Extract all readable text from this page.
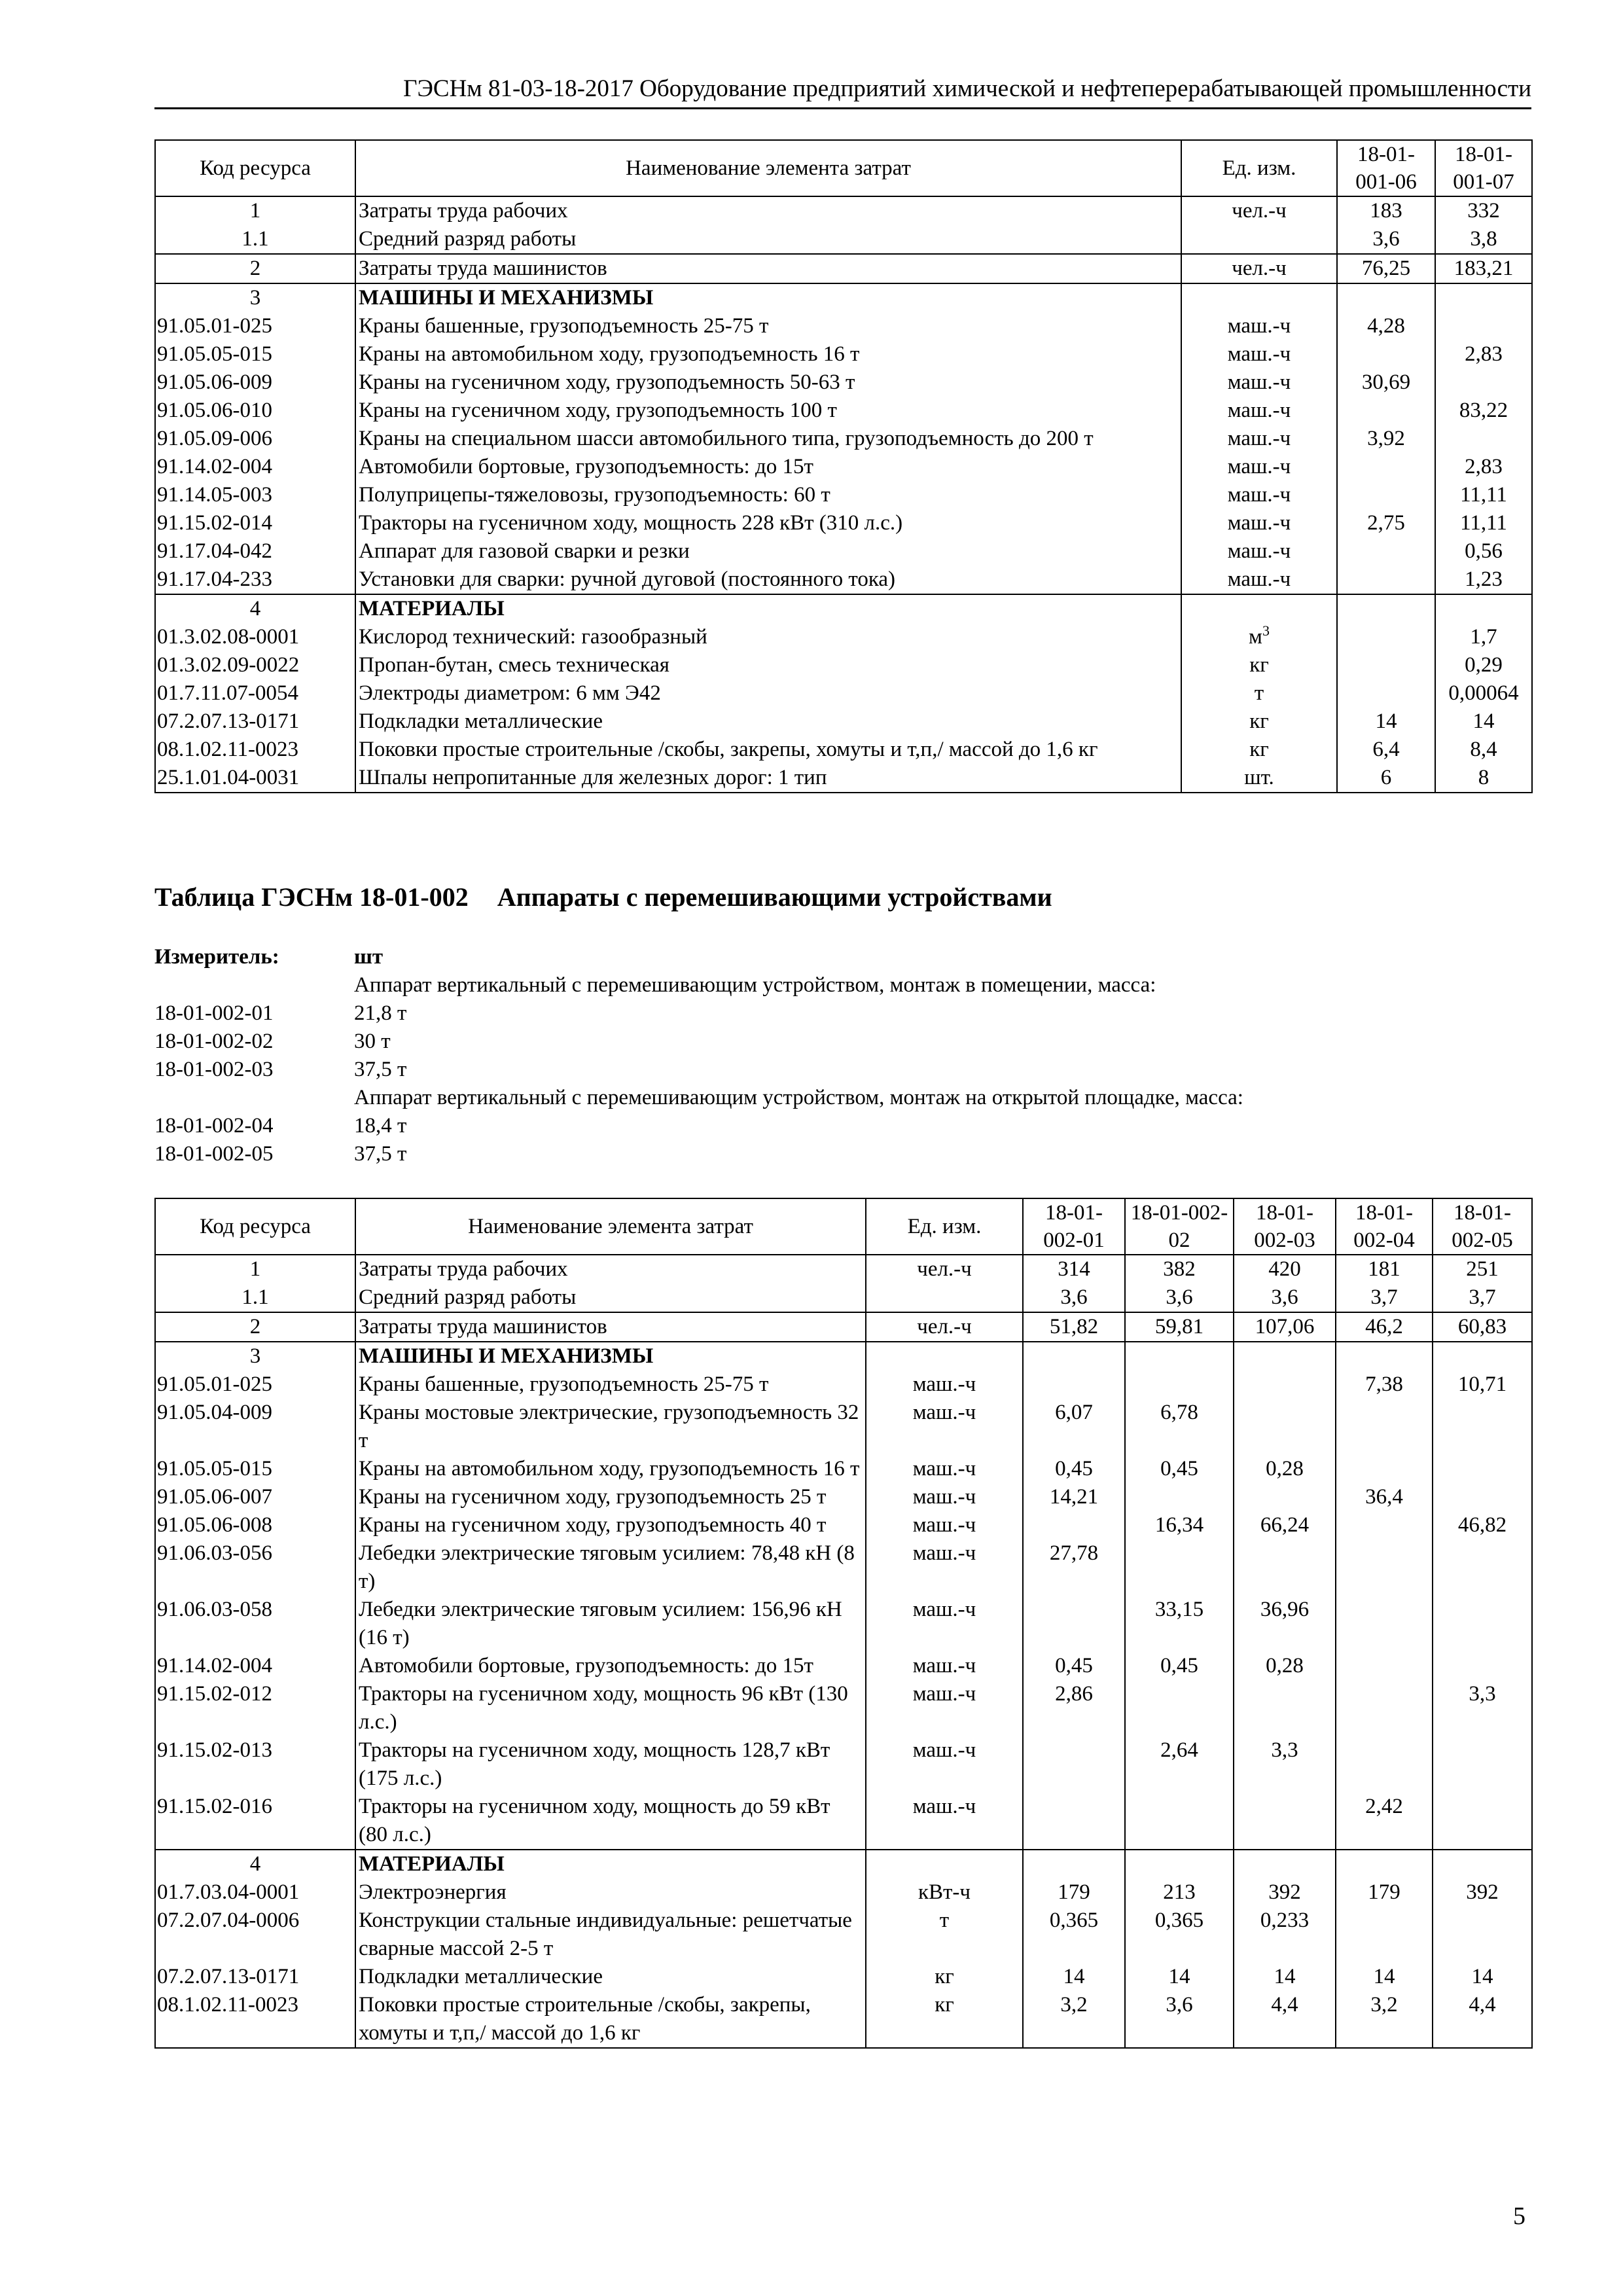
ГЭСНм 81-03-18-2017 Оборудование предприятий химической и нефтеперерабатывающей промышленности
Код ресурса	Наименование элемента затрат	Ед. изм.	18-01-001-06	18-01-001-07
1	Затраты труда рабочих	чел.-ч	183	332
1.1	Средний разряд работы		3,6	3,8
2	Затраты труда машинистов	чел.-ч	76,25	183,21
3	МАШИНЫ И МЕХАНИЗМЫ			
91.05.01-025	Краны башенные, грузоподъемность 25-75 т	маш.-ч	4,28	
91.05.05-015	Краны на автомобильном ходу, грузоподъемность 16 т	маш.-ч		2,83
91.05.06-009	Краны на гусеничном ходу, грузоподъемность 50-63 т	маш.-ч	30,69	
91.05.06-010	Краны на гусеничном ходу, грузоподъемность 100 т	маш.-ч		83,22
91.05.09-006	Краны на специальном шасси автомобильного типа, грузоподъемность до 200 т	маш.-ч	3,92	
91.14.02-004	Автомобили бортовые, грузоподъемность: до 15т	маш.-ч		2,83
91.14.05-003	Полуприцепы-тяжеловозы, грузоподъемность: 60 т	маш.-ч		11,11
91.15.02-014	Тракторы на гусеничном ходу, мощность 228 кВт (310 л.с.)	маш.-ч	2,75	11,11
91.17.04-042	Аппарат для газовой сварки и резки	маш.-ч		0,56
91.17.04-233	Установки для сварки: ручной дуговой (постоянного тока)	маш.-ч		1,23
4	МАТЕРИАЛЫ			
01.3.02.08-0001	Кислород технический: газообразный	$м^3$		1,7
01.3.02.09-0022	Пропан-бутан, смесь техническая	кг		0,29
01.7.11.07-0054	Электроды диаметром: 6 мм Э42	т		0,00064
07.2.07.13-0171	Подкладки металлические	кг	14	14
08.1.02.11-0023	Поковки простые строительные /скобы, закрепы, хомуты и т,п,/ массой до 1,6 кг	кг	6,4	8,4
25.1.01.04-0031	Шпалы непропитанные для железных дорог: 1 тип	шт.	6	8
Таблица ГЭСНм 18-01-002 Аппараты с перемешивающими устройствами
Измеритель:	шт
Аппарат вертикальный с перемешивающим устройством, монтаж в помещении, масса:
18-01-002-01	21,8 т
18-01-002-02	30 т
18-01-002-03	37,5 т
Аппарат вертикальный с перемешивающим устройством, монтаж на открытой площадке, масса:
18-01-002-04	18,4 т
18-01-002-05	37,5 т
Код ресурса	Наименование элемента затрат	Ед. изм.	18-01-002-01	18-01-002-02	18-01-002-03	18-01-002-04	18-01-002-05
1	Затраты труда рабочих	чел.-ч	314	382	420	181	251
1.1	Средний разряд работы		3,6	3,6	3,6	3,7	3,7
2	Затраты труда машинистов	чел.-ч	51,82	59,81	107,06	46,2	60,83
3	МАШИНЫ И МЕХАНИЗМЫ						
91.05.01-025	Краны башенные, грузоподъемность 25-75 т	маш.-ч				7,38	10,71
91.05.04-009	Краны мостовые электрические, грузоподъемность 32 т	маш.-ч	6,07	6,78			
91.05.05-015	Краны на автомобильном ходу, грузоподъемность 16 т	маш.-ч	0,45	0,45	0,28		
91.05.06-007	Краны на гусеничном ходу, грузоподъемность 25 т	маш.-ч	14,21			36,4	
91.05.06-008	Краны на гусеничном ходу, грузоподъемность 40 т	маш.-ч		16,34	66,24		46,82
91.06.03-056	Лебедки электрические тяговым усилием: 78,48 кН (8 т)	маш.-ч	27,78				
91.06.03-058	Лебедки электрические тяговым усилием: 156,96 кН (16 т)	маш.-ч		33,15	36,96		
91.14.02-004	Автомобили бортовые, грузоподъемность: до 15т	маш.-ч	0,45	0,45	0,28		
91.15.02-012	Тракторы на гусеничном ходу, мощность 96 кВт (130 л.с.)	маш.-ч	2,86				3,3
91.15.02-013	Тракторы на гусеничном ходу, мощность 128,7 кВт (175 л.с.)	маш.-ч		2,64	3,3		
91.15.02-016	Тракторы на гусеничном ходу, мощность до 59 кВт (80 л.с.)	маш.-ч				2,42	
4	МАТЕРИАЛЫ						
01.7.03.04-0001	Электроэнергия	кВт-ч	179	213	392	179	392
07.2.07.04-0006	Конструкции стальные индивидуальные: решетчатые сварные массой 2-5 т	т	0,365	0,365	0,233		
07.2.07.13-0171	Подкладки металлические	кг	14	14	14	14	14
08.1.02.11-0023	Поковки простые строительные /скобы, закрепы, хомуты и т,п,/ массой до 1,6 кг	кг	3,2	3,6	4,4	3,2	4,4
5
